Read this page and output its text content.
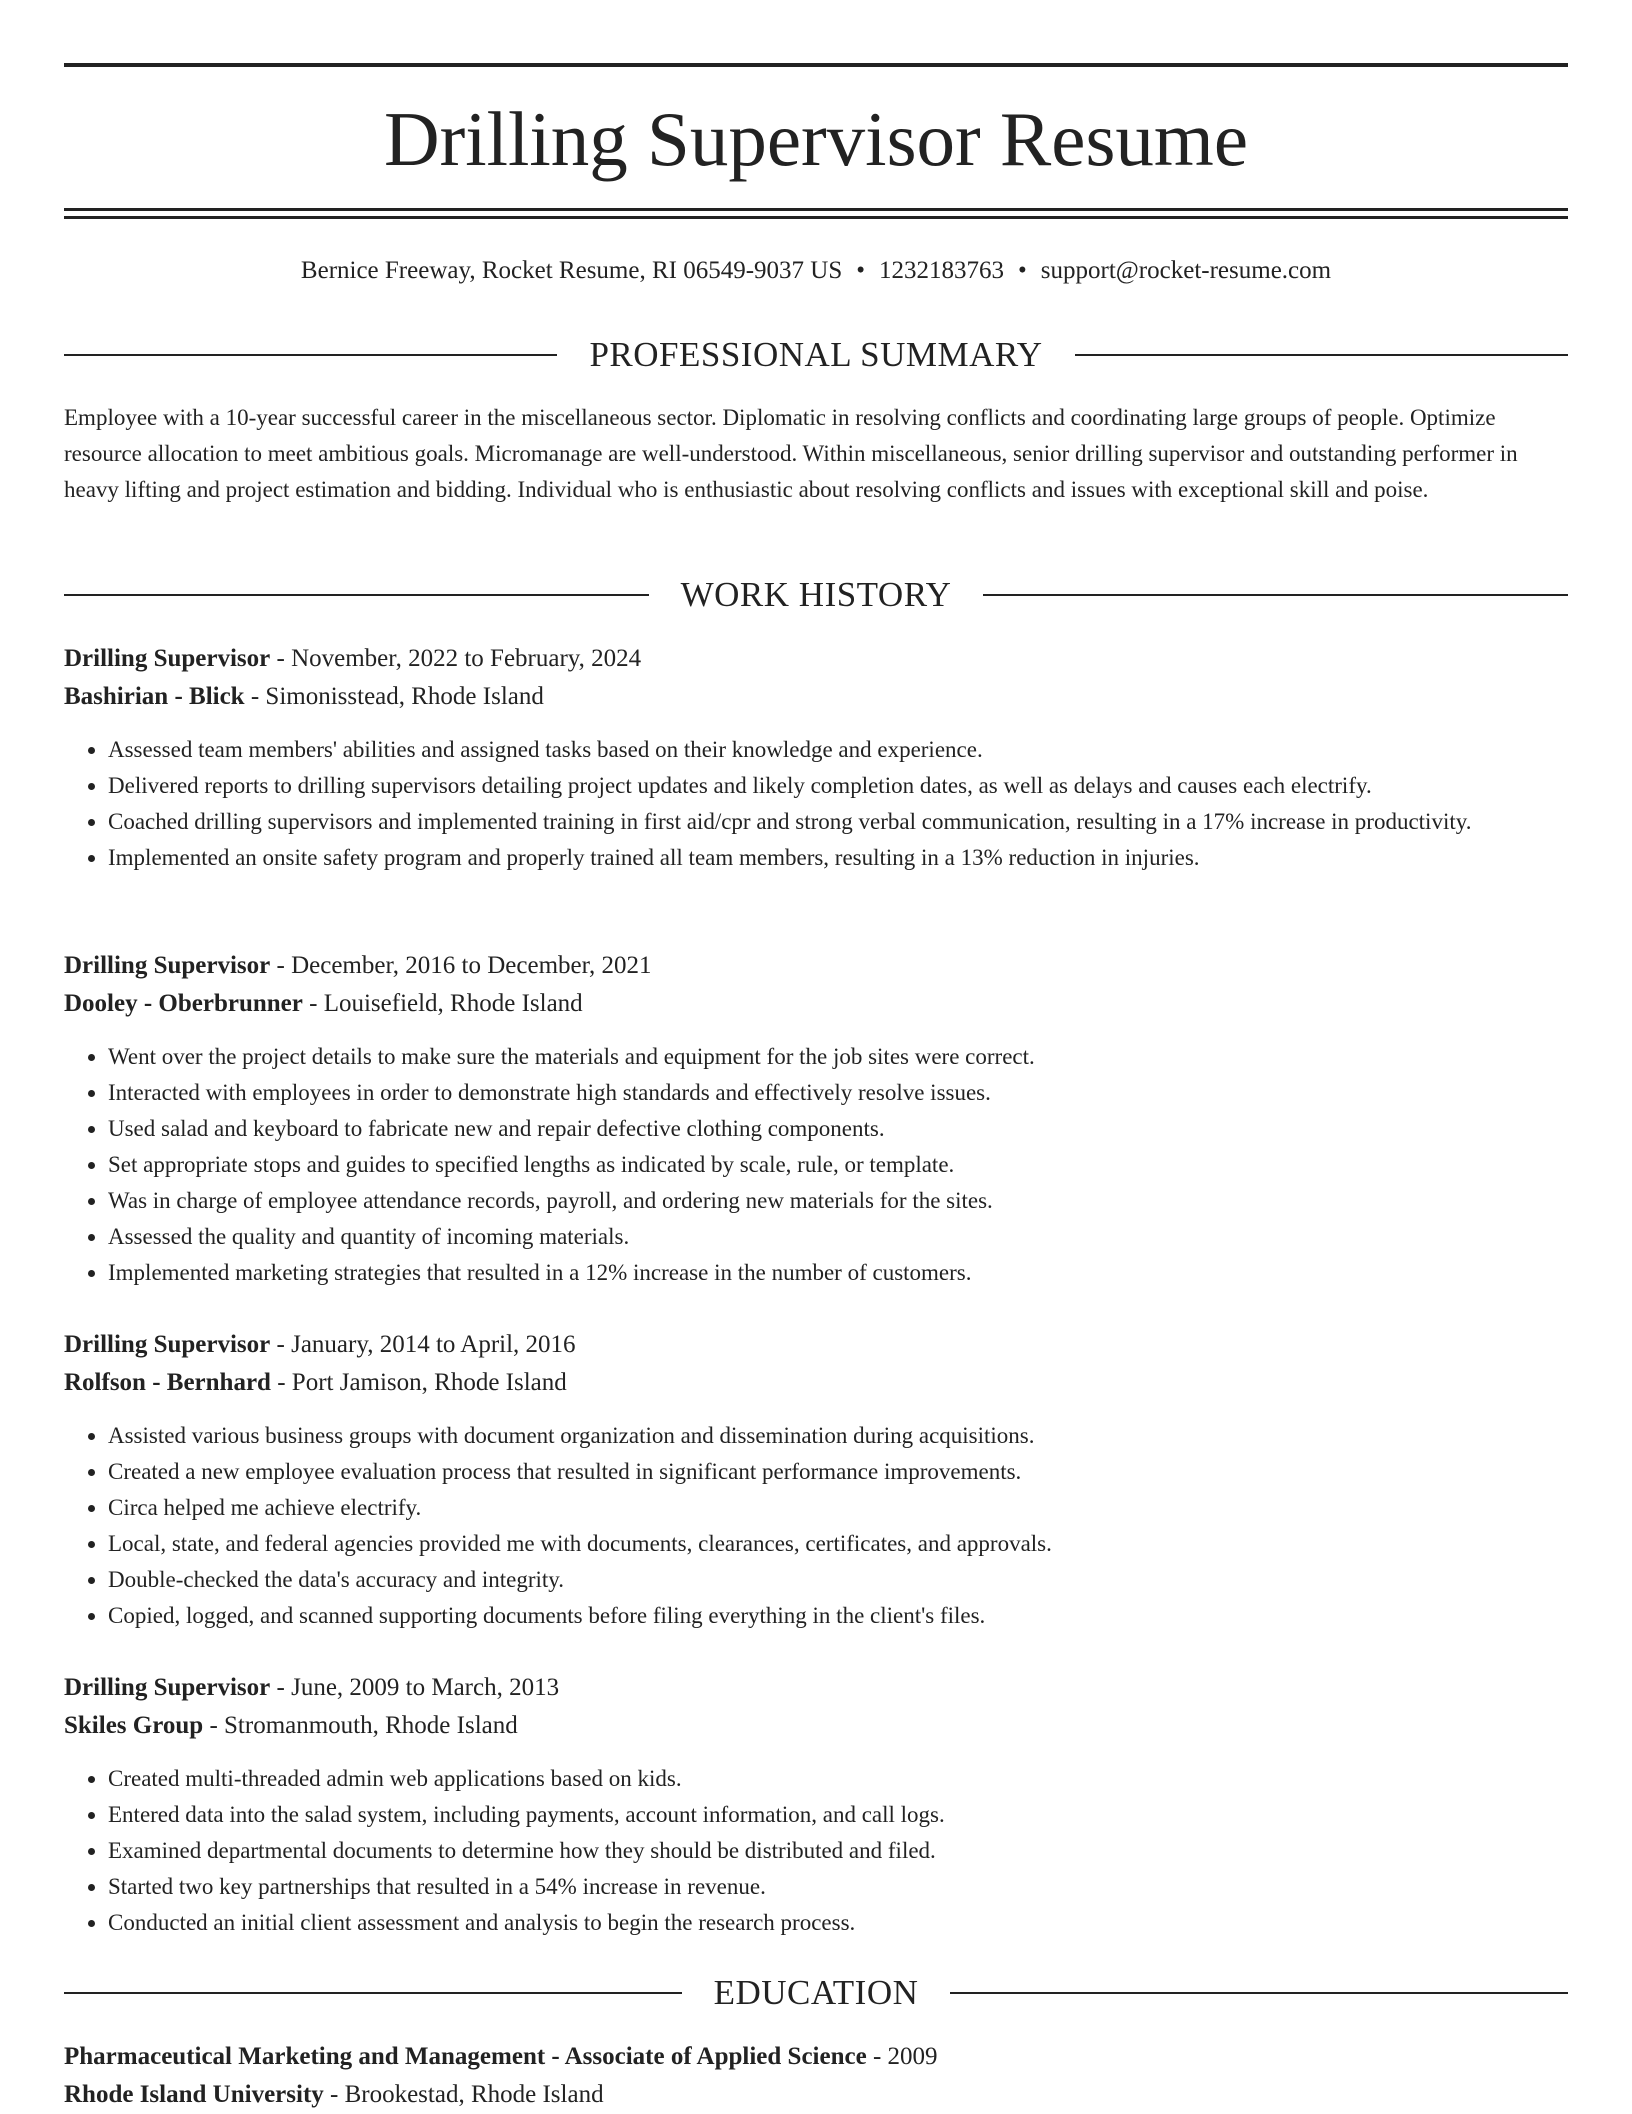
Drilling Supervisor Resume
Bernice Freeway, Rocket Resume, RI 06549-9037 US • 1232183763 • support@rocket-resume.com
PROFESSIONAL SUMMARY

Employee with a 10-year successful career in the miscellaneous sector. Diplomatic in resolving conflicts and coordinating large groups of people. Optimize resource allocation to meet ambitious goals. Micromanage are well-understood. Within miscellaneous, senior drilling supervisor and outstanding performer in heavy lifting and project estimation and bidding. Individual who is enthusiastic about resolving conflicts and issues with exceptional skill and poise.

WORK HISTORY

Drilling Supervisor - November, 2022 to February, 2024

Bashirian - Blick - Simonisstead, Rhode Island

• Assessed team members' abilities and assigned tasks based on their knowledge and experience.
• Delivered reports to drilling supervisors detailing project updates and likely completion dates, as well as delays and causes each electrify.
• Coached drilling supervisors and implemented training in first aid/cpr and strong verbal communication, resulting in a 17% increase in productivity.
• Implemented an onsite safety program and properly trained all team members, resulting in a 13% reduction in injuries.

Drilling Supervisor - December, 2016 to December, 2021

Dooley - Oberbrunner - Louisefield, Rhode Island

• Went over the project details to make sure the materials and equipment for the job sites were correct.
• Interacted with employees in order to demonstrate high standards and effectively resolve issues.
• Used salad and keyboard to fabricate new and repair defective clothing components.
• Set appropriate stops and guides to specified lengths as indicated by scale, rule, or template.
• Was in charge of employee attendance records, payroll, and ordering new materials for the sites.
• Assessed the quality and quantity of incoming materials.
• Implemented marketing strategies that resulted in a 12% increase in the number of customers.

Drilling Supervisor - January, 2014 to April, 2016

Rolfson - Bernhard - Port Jamison, Rhode Island

• Assisted various business groups with document organization and dissemination during acquisitions.
• Created a new employee evaluation process that resulted in significant performance improvements.
• Circa helped me achieve electrify.
• Local, state, and federal agencies provided me with documents, clearances, certificates, and approvals.
• Double-checked the data's accuracy and integrity.
• Copied, logged, and scanned supporting documents before filing everything in the client's files.

Drilling Supervisor - June, 2009 to March, 2013

Skiles Group - Stromanmouth, Rhode Island

• Created multi-threaded admin web applications based on kids.
• Entered data into the salad system, including payments, account information, and call logs.
• Examined departmental documents to determine how they should be distributed and filed.
• Started two key partnerships that resulted in a 54% increase in revenue.
• Conducted an initial client assessment and analysis to begin the research process.
EDUCATION

Pharmaceutical Marketing and Management - Associate of Applied Science - 2009

Rhode Island University - Brookestad, Rhode Island
